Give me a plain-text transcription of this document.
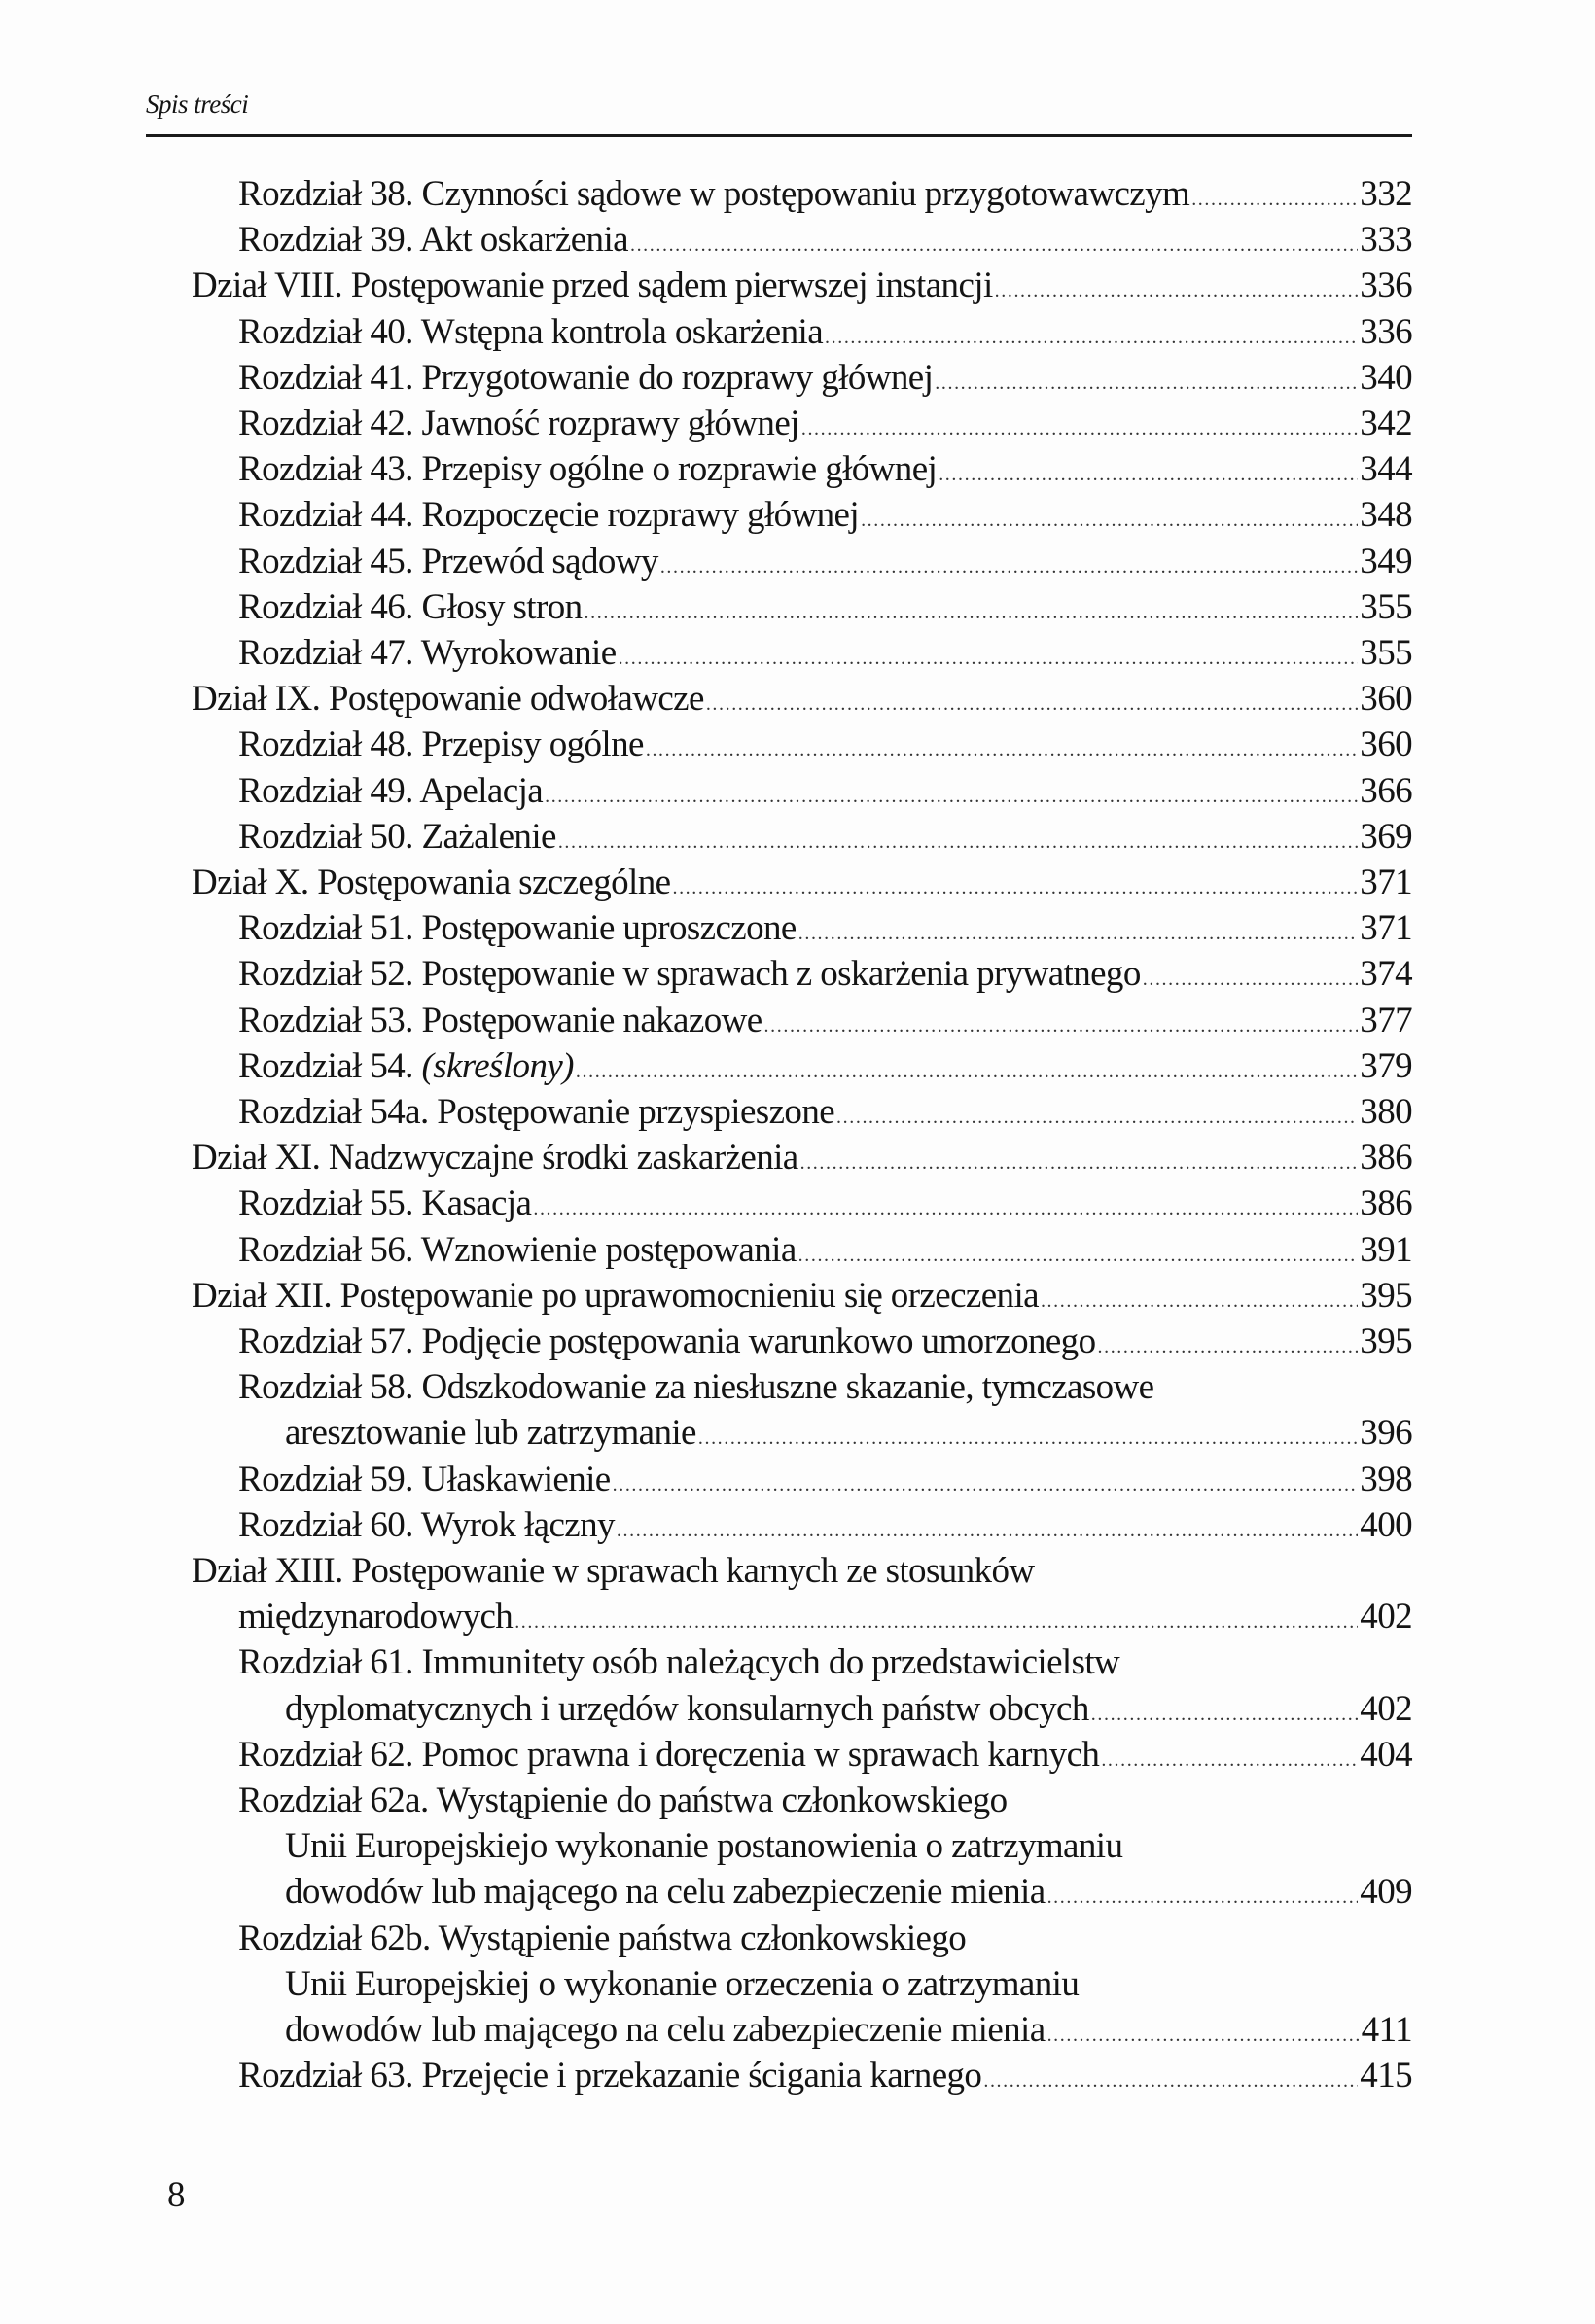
Spis treści
Rozdział 38. Czynności sądowe w postępowaniu przygotowawczym .....	332
Rozdział 39. Akt oskarżenia .....	333
Dział VIII. Postępowanie przed sądem pierwszej instancji .....	336
Rozdział 40. Wstępna kontrola oskarżenia .....	336
Rozdział 41. Przygotowanie do rozprawy głównej .....	340
Rozdział 42. Jawność rozprawy głównej .....	342
Rozdział 43. Przepisy ogólne o rozprawie głównej .....	344
Rozdział 44. Rozpoczęcie rozprawy głównej .....	348
Rozdział 45. Przewód sądowy .....	349
Rozdział 46. Głosy stron .....	355
Rozdział 47. Wyrokowanie .....	355
Dział IX. Postępowanie odwoławcze .....	360
Rozdział 48. Przepisy ogólne .....	360
Rozdział 49. Apelacja .....	366
Rozdział 50. Zażalenie .....	369
Dział X. Postępowania szczególne .....	371
Rozdział 51. Postępowanie uproszczone .....	371
Rozdział 52. Postępowanie w sprawach z oskarżenia prywatnego .....	374
Rozdział 53. Postępowanie nakazowe .....	377
Rozdział 54. (skreślony) .....	379
Rozdział 54a. Postępowanie przyspieszone .....	380
Dział XI. Nadzwyczajne środki zaskarżenia .....	386
Rozdział 55. Kasacja .....	386
Rozdział 56. Wznowienie postępowania .....	391
Dział XII. Postępowanie po uprawomocnieniu się orzeczenia .....	395
Rozdział 57. Podjęcie postępowania warunkowo umorzonego .....	395
Rozdział 58. Odszkodowanie za niesłuszne skazanie, tymczasowe
aresztowanie lub zatrzymanie .....	396
Rozdział 59. Ułaskawienie .....	398
Rozdział 60. Wyrok łączny .....	400
Dział XIII. Postępowanie w sprawach karnych ze stosunków
międzynarodowych .....	402
Rozdział 61. Immunitety osób należących do przedstawicielstw
dyplomatycznych i urzędów konsularnych państw obcych .....	402
Rozdział 62. Pomoc prawna i doręczenia w sprawach karnych .....	404
Rozdział 62a. Wystąpienie do państwa członkowskiego
Unii Europejskiejo wykonanie postanowienia o zatrzymaniu
dowodów lub mającego na celu zabezpieczenie mienia .....	409
Rozdział 62b. Wystąpienie państwa członkowskiego
Unii Europejskiej o wykonanie orzeczenia o zatrzymaniu
dowodów lub mającego na celu zabezpieczenie mienia .....	411
Rozdział 63. Przejęcie i przekazanie ścigania karnego .....	415
8
